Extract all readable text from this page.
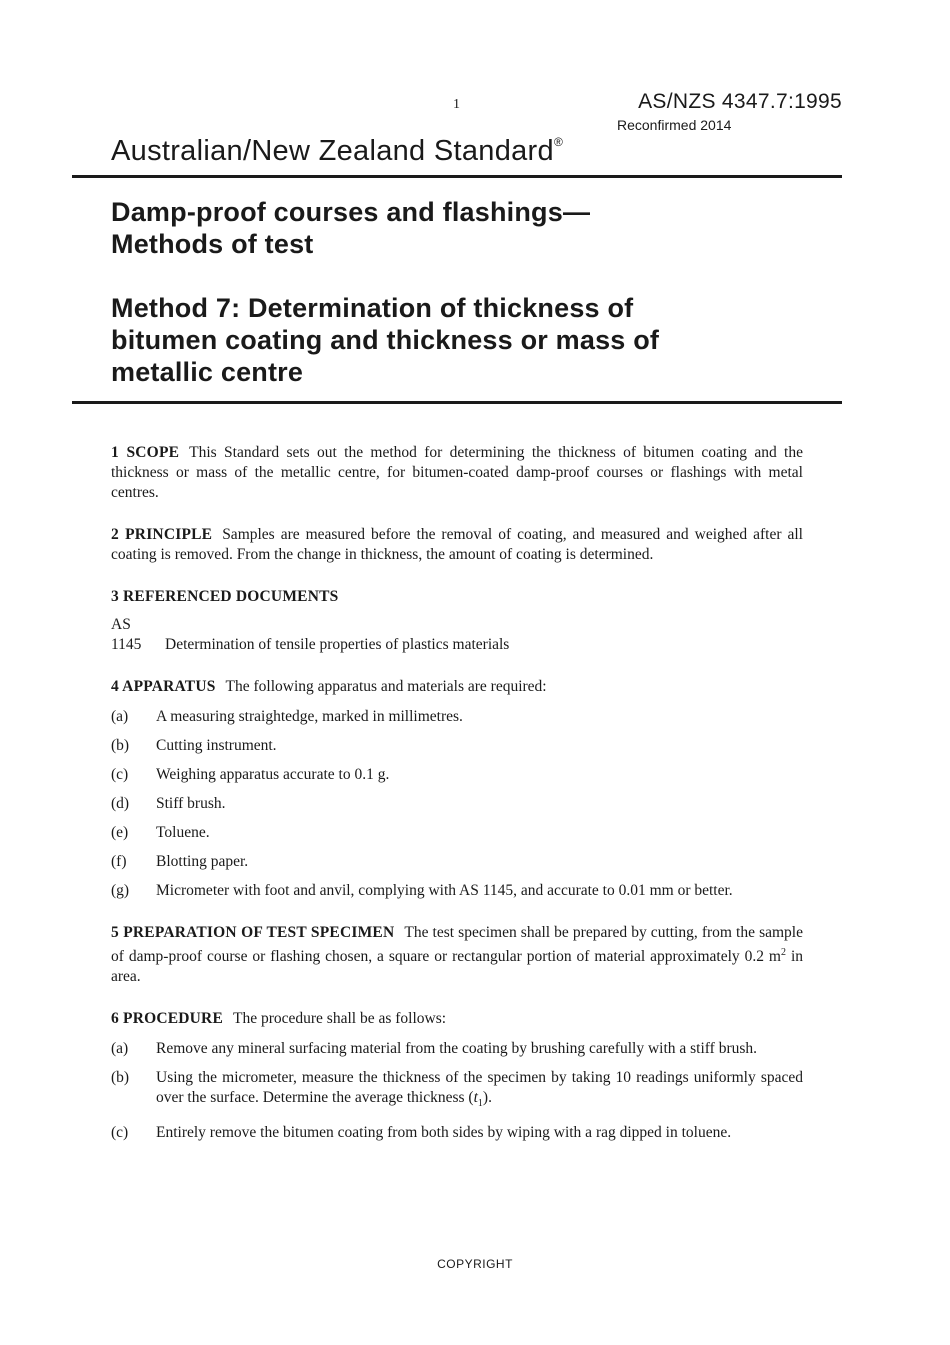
1	AS/NZS 4347.7:1995
Reconfirmed 2014
Australian/New Zealand Standard®
Damp-proof courses and flashings—
Methods of test
Method 7: Determination of thickness of
bitumen coating and thickness or mass of
metallic centre

1 SCOPE This Standard sets out the method for determining the thickness of bitumen coating and the thickness or mass of the metallic centre, for bitumen-coated damp-proof courses or flashings with metal centres.

2 PRINCIPLE Samples are measured before the removal of coating, and measured and weighed after all coating is removed. From the change in thickness, the amount of coating is determined.

3 REFERENCED DOCUMENTS

AS

1145	Determination of tensile properties of plastics materials

4 APPARATUS The following apparatus and materials are required:

(a)	A measuring straightedge, marked in millimetres.
(b)	Cutting instrument.
(c)	Weighing apparatus accurate to 0.1 g.
(d)	Stiff brush.
(e)	Toluene.
(f)	Blotting paper.
(g)	Micrometer with foot and anvil, complying with AS 1145, and accurate to 0.01 mm or better.

5 PREPARATION OF TEST SPECIMEN The test specimen shall be prepared by cutting, from the sample of damp-proof course or flashing chosen, a square or rectangular portion of material approximately 0.2 $m^2$ in area.

6 PROCEDURE The procedure shall be as follows:

(a)	Remove any mineral surfacing material from the coating by brushing carefully with a stiff brush.
(b)	Using the micrometer, measure the thickness of the specimen by taking 10 readings uniformly spaced over the surface. Determine the average thickness $(t_1)$.
(c)	Entirely remove the bitumen coating from both sides by wiping with a rag dipped in toluene.
COPYRIGHT
